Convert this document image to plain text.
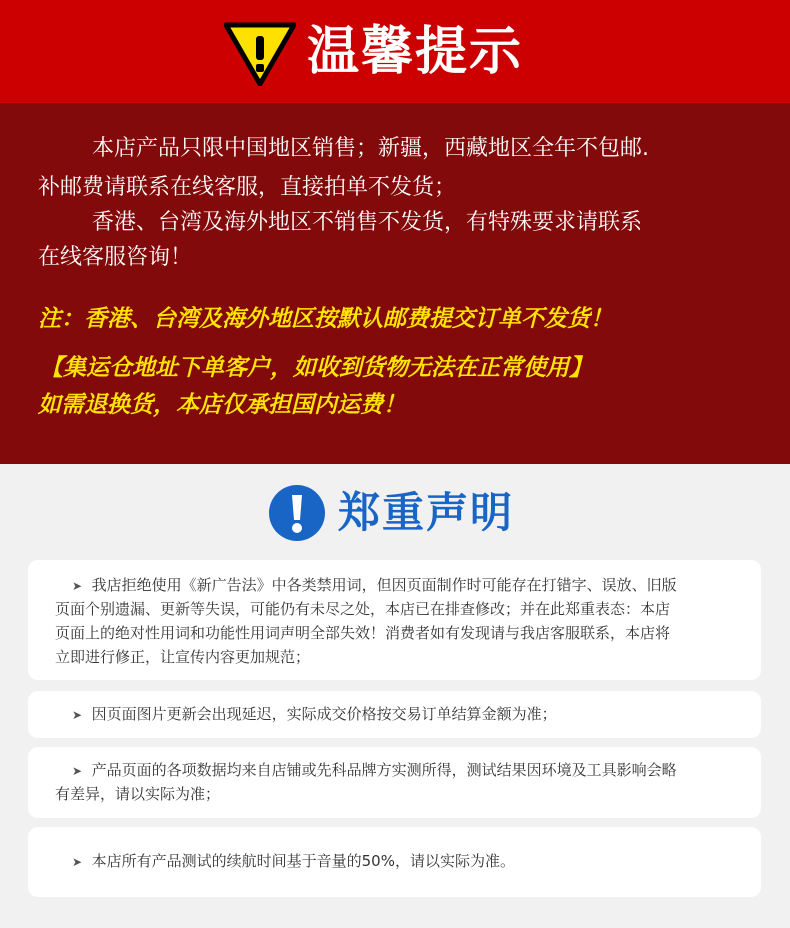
温馨提示
本店产品只限中国地区销售；新疆，西藏地区全年不包邮.
补邮费请联系在线客服，直接拍单不发货；
香港、台湾及海外地区不销售不发货，有特殊要求请联系
在线客服咨询！
注：香港、台湾及海外地区按默认邮费提交订单不发货！
【集运仓地址下单客户，如收到货物无法在正常使用】
如需退换货，本店仅承担国内运费！
郑重声明
➤ 我店拒绝使用《新广告法》中各类禁用词，但因页面制作时可能存在打错字、误放、旧版
页面个别遗漏、更新等失误，可能仍有未尽之处，本店已在排查修改；并在此郑重表态：本店
页面上的绝对性用词和功能性用词声明全部失效！消费者如有发现请与我店客服联系，本店将
立即进行修正，让宣传内容更加规范；
➤ 因页面图片更新会出现延迟，实际成交价格按交易订单结算金额为准；
➤ 产品页面的各项数据均来自店铺或先科品牌方实测所得，测试结果因环境及工具影响会略
有差异，请以实际为准；
➤ 本店所有产品测试的续航时间基于音量的50%，请以实际为准。
